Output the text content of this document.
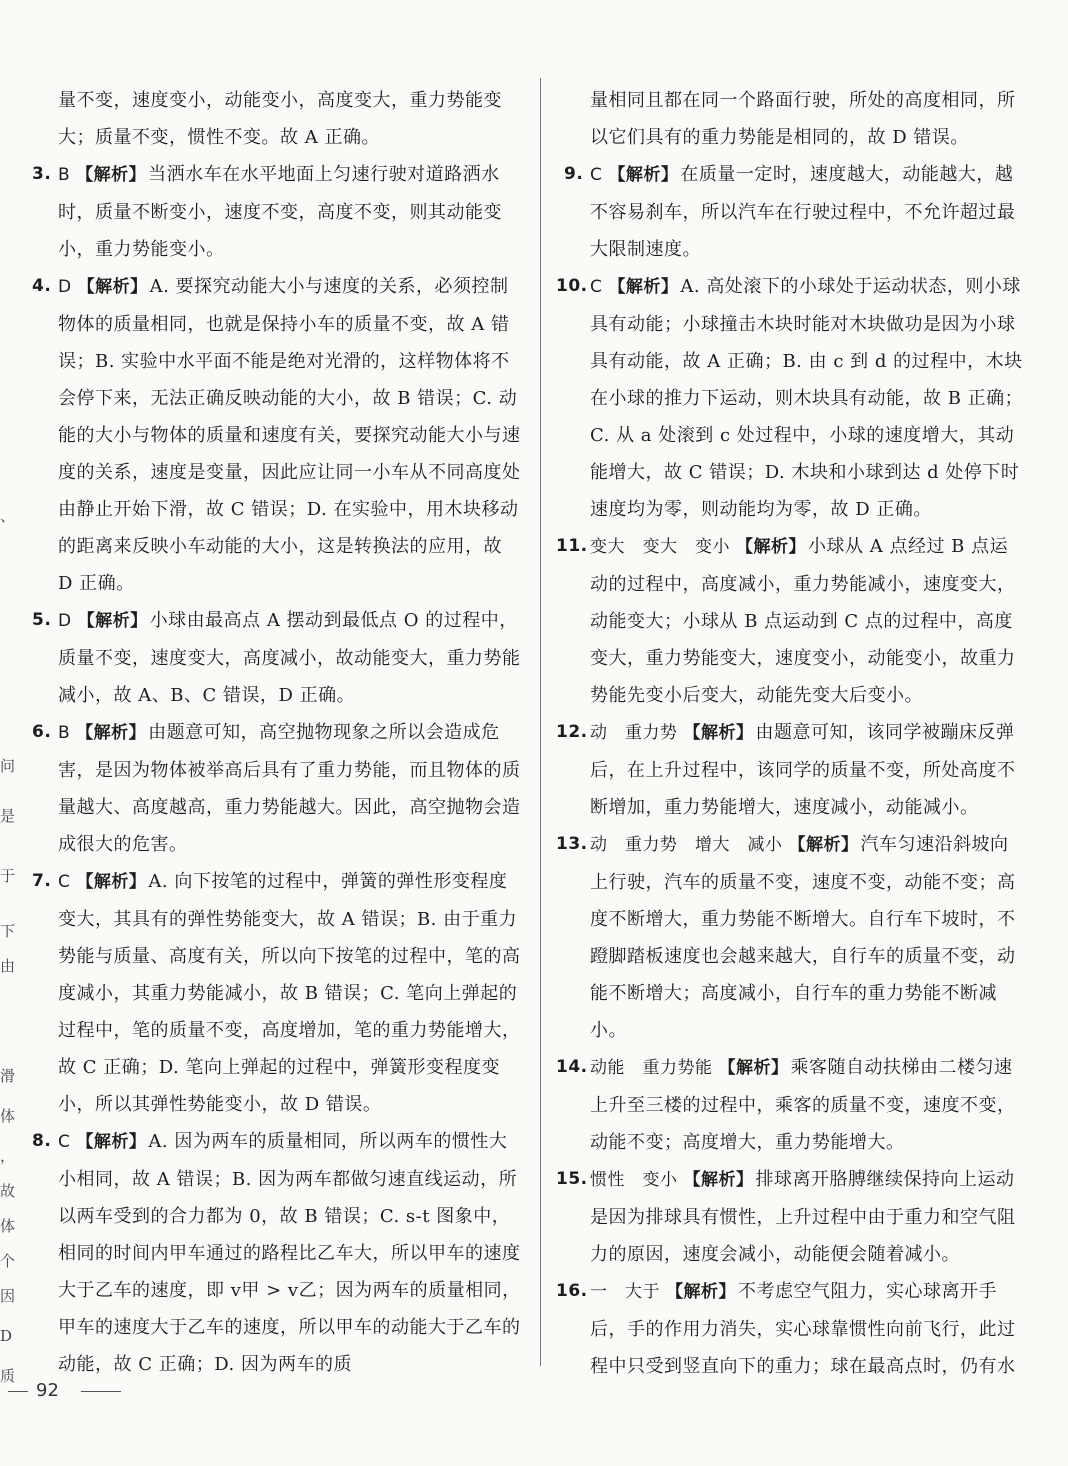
、
问
是
于
下
由
滑
体
，
故
体
个
因
D
质
量不变，速度变小，动能变小，高度变大，重力势能变大；质量不变，惯性不变。故 A 正确。
3. B 【解析】 当洒水车在水平地面上匀速行驶对道路洒水时，质量不断变小，速度不变，高度不变，则其动能变小，重力势能变小。
4. D 【解析】 A. 要探究动能大小与速度的关系，必须控制物体的质量相同，也就是保持小车的质量不变，故 A 错误；B. 实验中水平面不能是绝对光滑的，这样物体将不会停下来，无法正确反映动能的大小，故 B 错误；C. 动能的大小与物体的质量和速度有关，要探究动能大小与速度的关系，速度是变量，因此应让同一小车从不同高度处由静止开始下滑，故 C 错误；D. 在实验中，用木块移动的距离来反映小车动能的大小，这是转换法的应用，故 D 正确。
5. D 【解析】 小球由最高点 A 摆动到最低点 O 的过程中，质量不变，速度变大，高度减小，故动能变大，重力势能减小，故 A、B、C 错误，D 正确。
6. B 【解析】 由题意可知，高空抛物现象之所以会造成危害，是因为物体被举高后具有了重力势能，而且物体的质量越大、高度越高，重力势能越大。因此，高空抛物会造成很大的危害。
7. C 【解析】 A. 向下按笔的过程中，弹簧的弹性形变程度变大，其具有的弹性势能变大，故 A 错误；B. 由于重力势能与质量、高度有关，所以向下按笔的过程中，笔的高度减小，其重力势能减小，故 B 错误；C. 笔向上弹起的过程中，笔的质量不变，高度增加，笔的重力势能增大，故 C 正确；D. 笔向上弹起的过程中，弹簧形变程度变小，所以其弹性势能变小，故 D 错误。
8. C 【解析】 A. 因为两车的质量相同，所以两车的惯性大小相同，故 A 错误；B. 因为两车都做匀速直线运动，所以两车受到的合力都为 0，故 B 错误；C. s-t 图象中，相同的时间内甲车通过的路程比乙车大，所以甲车的速度大于乙车的速度，即 v甲 > v乙；因为两车的质量相同，甲车的速度大于乙车的速度，所以甲车的动能大于乙车的动能，故 C 正确；D. 因为两车的质
量相同且都在同一个路面行驶，所处的高度相同，所以它们具有的重力势能是相同的，故 D 错误。
9. C 【解析】 在质量一定时，速度越大，动能越大，越不容易刹车，所以汽车在行驶过程中，不允许超过最大限制速度。
10. C 【解析】 A. 高处滚下的小球处于运动状态，则小球具有动能；小球撞击木块时能对木块做功是因为小球具有动能，故 A 正确；B. 由 c 到 d 的过程中，木块在小球的推力下运动，则木块具有动能，故 B 正确；C. 从 a 处滚到 c 处过程中，小球的速度增大，其动能增大，故 C 错误；D. 木块和小球到达 d 处停下时速度均为零，则动能均为零，故 D 正确。
11. 变大　变大　变小 【解析】 小球从 A 点经过 B 点运动的过程中，高度减小，重力势能减小，速度变大，动能变大；小球从 B 点运动到 C 点的过程中，高度变大，重力势能变大，速度变小，动能变小，故重力势能先变小后变大，动能先变大后变小。
12. 动　重力势 【解析】 由题意可知，该同学被蹦床反弹后，在上升过程中，该同学的质量不变，所处高度不断增加，重力势能增大，速度减小，动能减小。
13. 动　重力势　增大　减小 【解析】 汽车匀速沿斜坡向上行驶，汽车的质量不变，速度不变，动能不变；高度不断增大，重力势能不断增大。自行车下坡时，不蹬脚踏板速度也会越来越大，自行车的质量不变，动能不断增大；高度减小，自行车的重力势能不断减小。
14. 动能　重力势能 【解析】 乘客随自动扶梯由二楼匀速上升至三楼的过程中，乘客的质量不变，速度不变，动能不变；高度增大，重力势能增大。
15. 惯性　变小 【解析】 排球离开胳膊继续保持向上运动是因为排球具有惯性，上升过程中由于重力和空气阻力的原因，速度会减小，动能便会随着减小。
16. 一　大于 【解析】 不考虑空气阻力，实心球离开手后，手的作用力消失，实心球靠惯性向前飞行，此过程中只受到竖直向下的重力；球在最高点时，仍有水
92
